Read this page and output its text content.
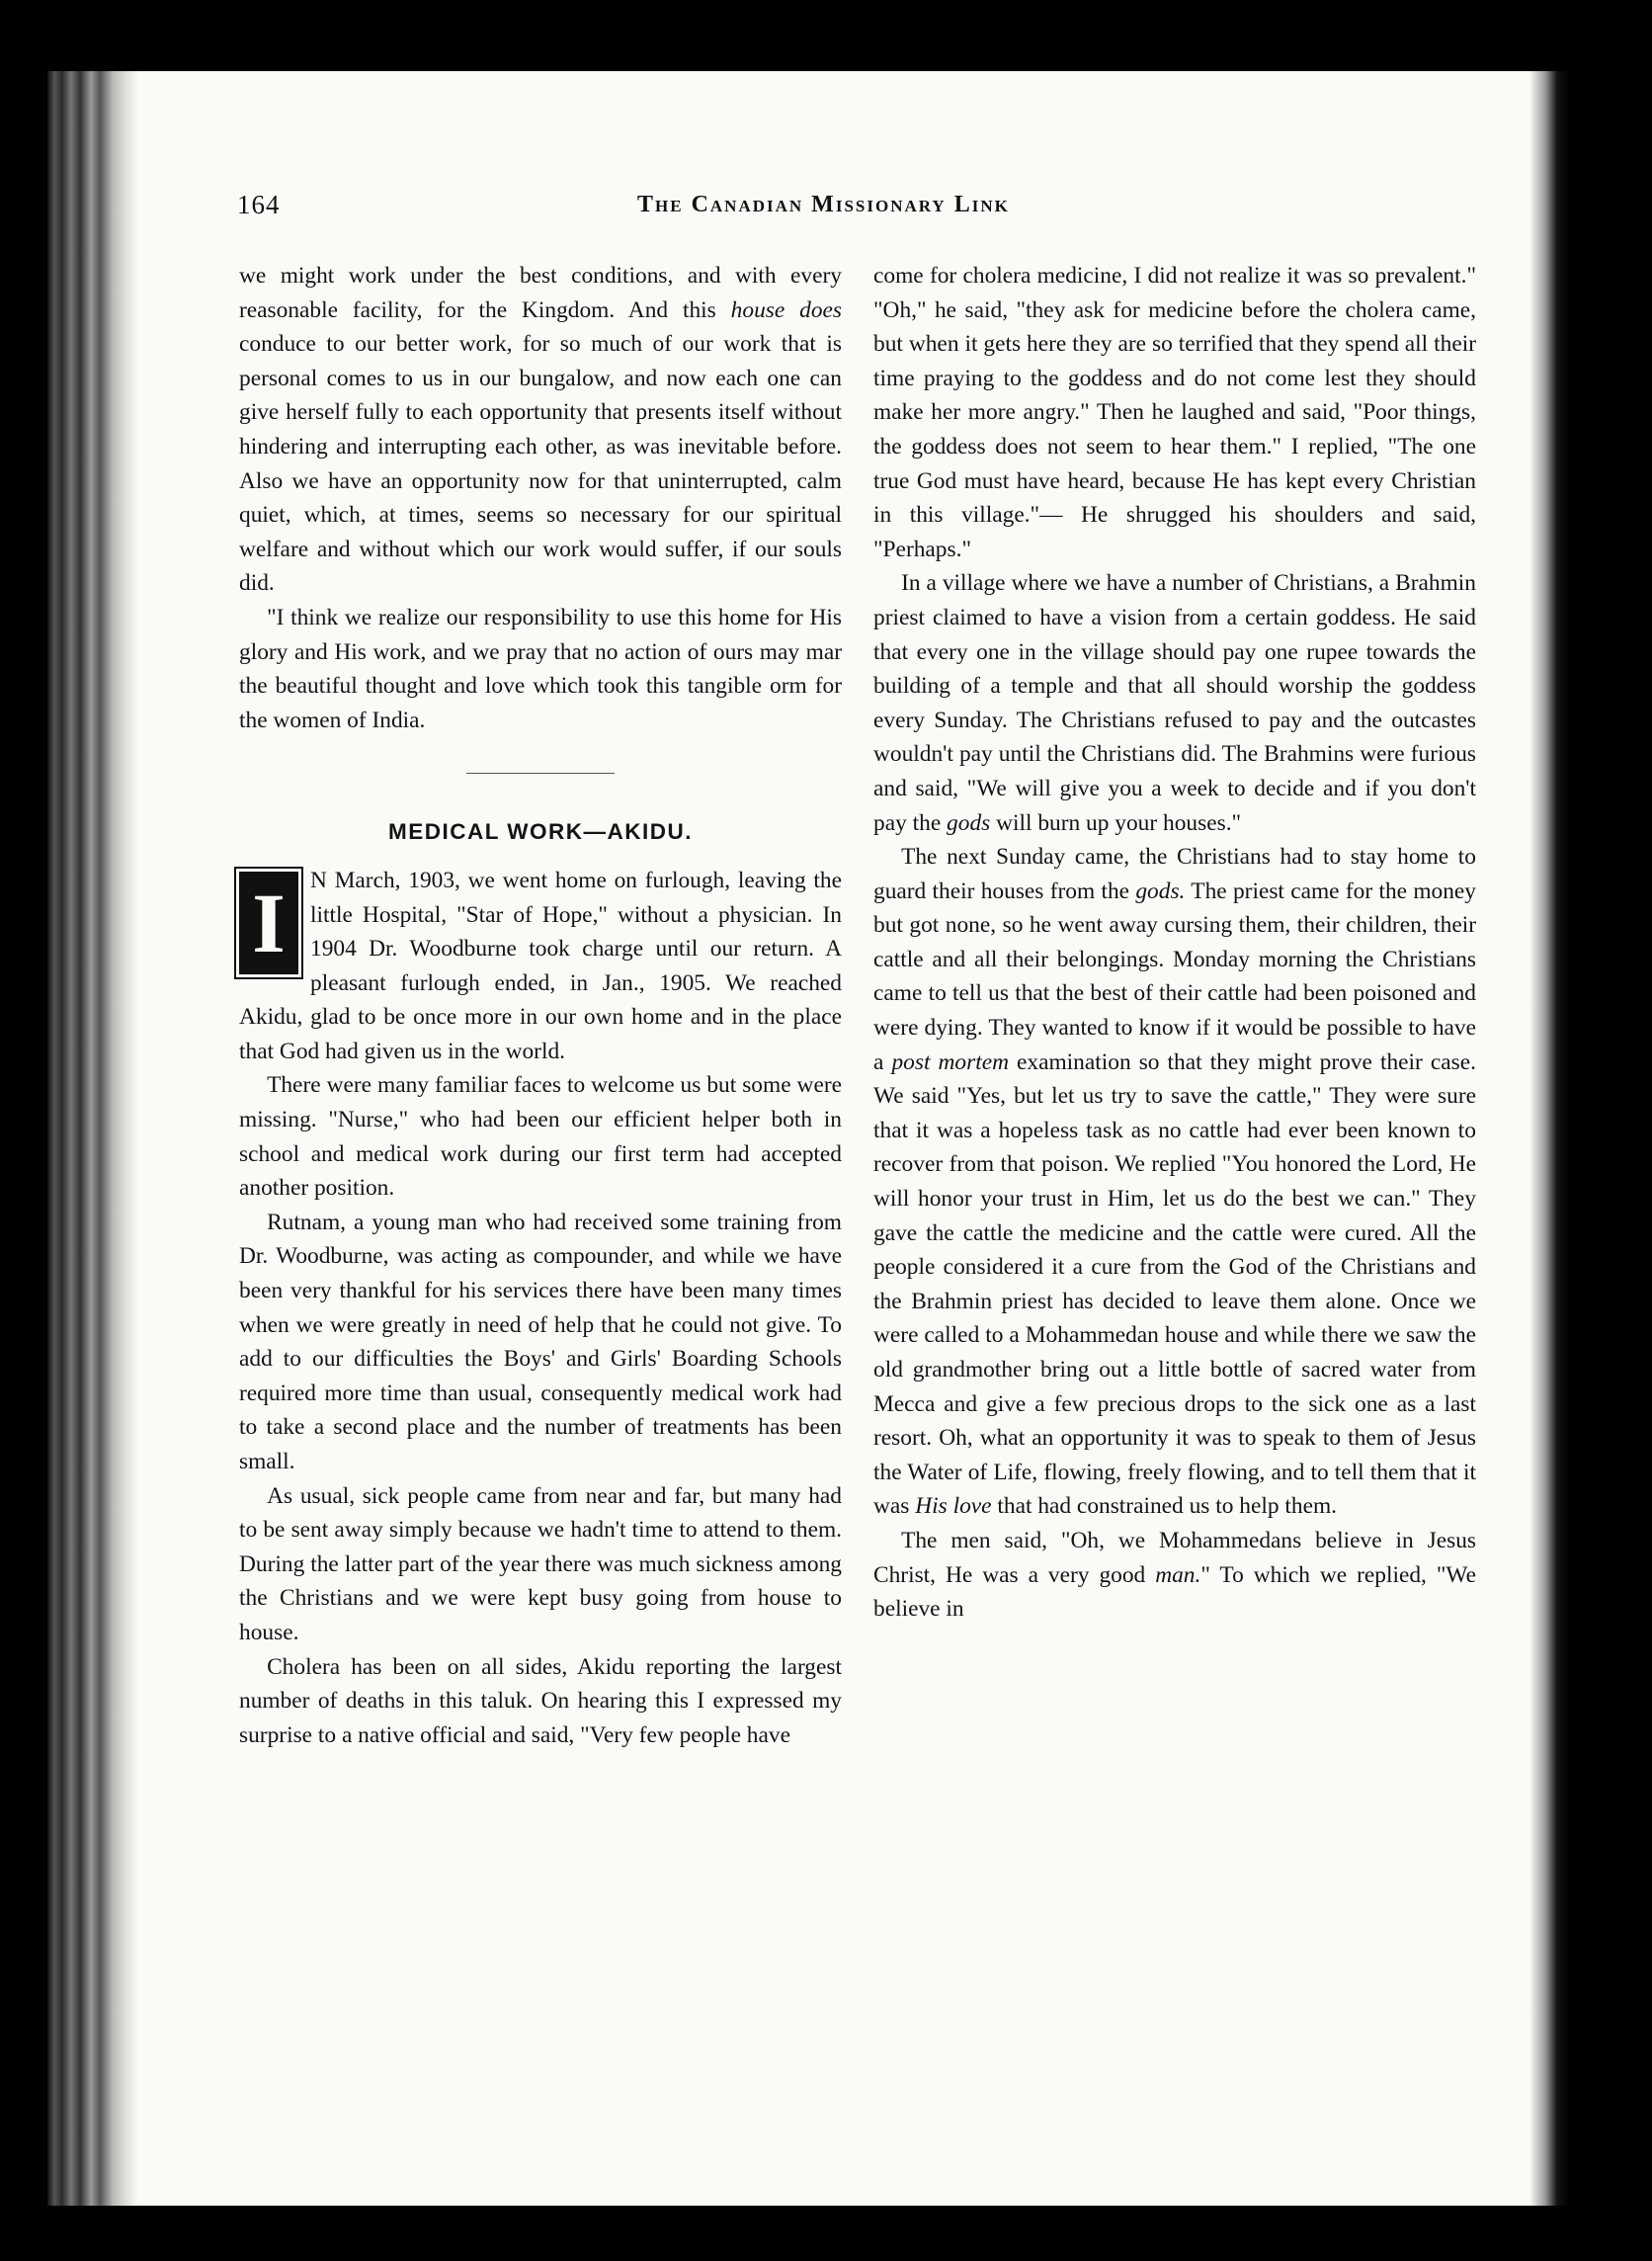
164	The Canadian Missionary Link

we might work under the best conditions, and with every reasonable facility, for the Kingdom. And this house does conduce to our better work, for so much of our work that is personal comes to us in our bungalow, and now each one can give herself fully to each opportunity that presents itself without hindering and interrupting each other, as was inevitable before. Also we have an opportunity now for that uninterrupted, calm quiet, which, at times, seems so necessary for our spiritual welfare and without which our work would suffer, if our souls did.

"I think we realize our responsibility to use this home for His glory and His work, and we pray that no action of ours may mar the beautiful thought and love which took this tangible orm for the women of India.

MEDICAL WORK—AKIDU.
I	N March, 1903, we went home on furlough, leaving the little Hospital, "Star of Hope," without a physician. In 1904 Dr. Woodburne took charge until our return. A pleasant furlough ended, in Jan., 1905. We reached Akidu, glad to be once more in our own home and in the place that God had given us in the world.

There were many familiar faces to welcome us but some were missing. "Nurse," who had been our efficient helper both in school and medical work during our first term had accepted another position.

Rutnam, a young man who had received some training from Dr. Woodburne, was acting as compounder, and while we have been very thankful for his services there have been many times when we were greatly in need of help that he could not give. To add to our difficulties the Boys' and Girls' Boarding Schools required more time than usual, consequently medical work had to take a second place and the number of treatments has been small.

As usual, sick people came from near and far, but many had to be sent away simply because we hadn't time to attend to them. During the latter part of the year there was much sickness among the Christians and we were kept busy going from house to house.

Cholera has been on all sides, Akidu reporting the largest number of deaths in this taluk. On hearing this I expressed my surprise to a native official and said, "Very few people have

come for cholera medicine, I did not realize it was so prevalent." "Oh," he said, "they ask for medicine before the cholera came, but when it gets here they are so terrified that they spend all their time praying to the goddess and do not come lest they should make her more angry." Then he laughed and said, "Poor things, the goddess does not seem to hear them." I replied, "The one true God must have heard, because He has kept every Christian in this village."— He shrugged his shoulders and said, "Perhaps."

In a village where we have a number of Christians, a Brahmin priest claimed to have a vision from a certain goddess. He said that every one in the village should pay one rupee towards the building of a temple and that all should worship the goddess every Sunday. The Christians refused to pay and the outcastes wouldn't pay until the Christians did. The Brahmins were furious and said, "We will give you a week to decide and if you don't pay the gods will burn up your houses."

The next Sunday came, the Christians had to stay home to guard their houses from the gods. The priest came for the money but got none, so he went away cursing them, their children, their cattle and all their belongings. Monday morning the Christians came to tell us that the best of their cattle had been poisoned and were dying. They wanted to know if it would be possible to have a post mortem examination so that they might prove their case. We said "Yes, but let us try to save the cattle," They were sure that it was a hopeless task as no cattle had ever been known to recover from that poison. We replied "You honored the Lord, He will honor your trust in Him, let us do the best we can." They gave the cattle the medicine and the cattle were cured. All the people considered it a cure from the God of the Christians and the Brahmin priest has decided to leave them alone. Once we were called to a Mohammedan house and while there we saw the old grandmother bring out a little bottle of sacred water from Mecca and give a few precious drops to the sick one as a last resort. Oh, what an opportunity it was to speak to them of Jesus the Water of Life, flowing, freely flowing, and to tell them that it was His love that had constrained us to help them.

The men said, "Oh, we Mohammedans believe in Jesus Christ, He was a very good man." To which we replied, "We believe in
